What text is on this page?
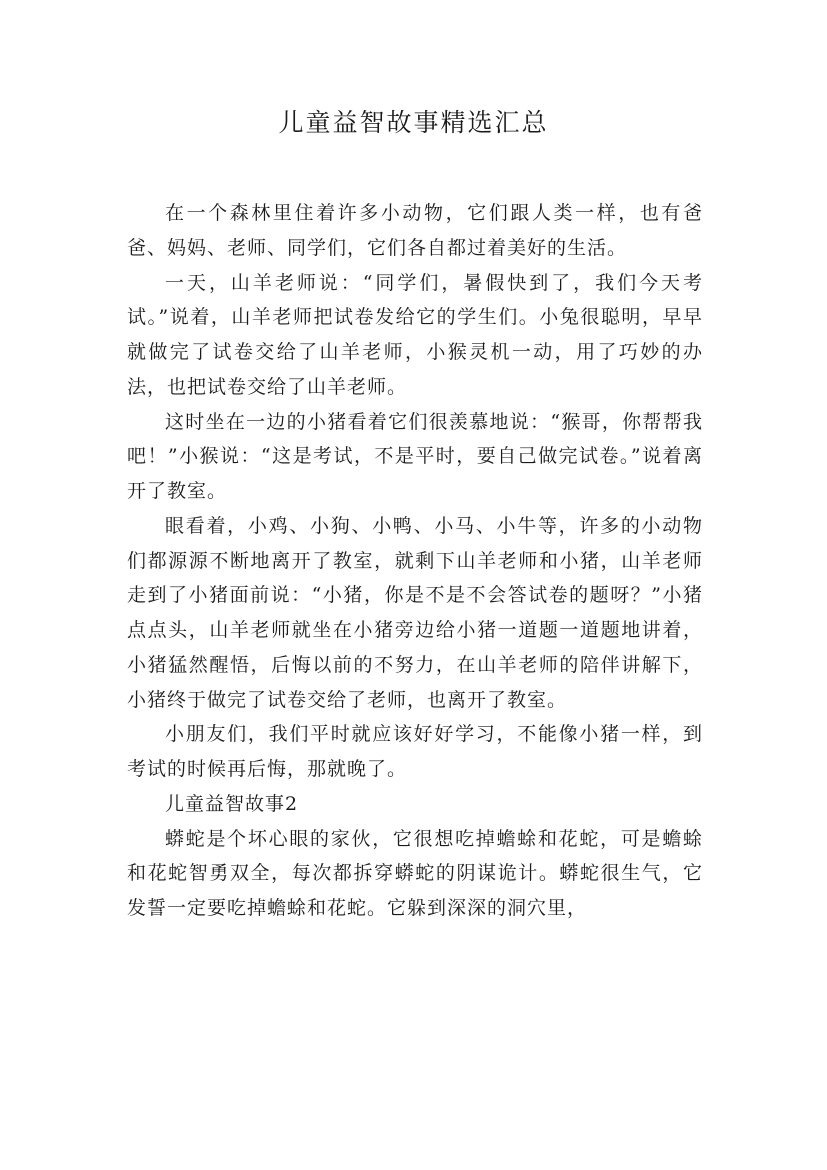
儿童益智故事精选汇总

在一个森林里住着许多小动物，它们跟人类一样，也有爸爸、妈妈、老师、同学们，它们各自都过着美好的生活。

一天，山羊老师说：“同学们，暑假快到了，我们今天考试。”说着，山羊老师把试卷发给它的学生们。小兔很聪明，早早就做完了试卷交给了山羊老师，小猴灵机一动，用了巧妙的办法，也把试卷交给了山羊老师。

这时坐在一边的小猪看着它们很羡慕地说：“猴哥，你帮帮我吧！”小猴说：“这是考试，不是平时，要自己做完试卷。”说着离开了教室。

眼看着，小鸡、小狗、小鸭、小马、小牛等，许多的小动物们都源源不断地离开了教室，就剩下山羊老师和小猪，山羊老师走到了小猪面前说：“小猪，你是不是不会答试卷的题呀？”小猪点点头，山羊老师就坐在小猪旁边给小猪一道题一道题地讲着，小猪猛然醒悟，后悔以前的不努力，在山羊老师的陪伴讲解下，小猪终于做完了试卷交给了老师，也离开了教室。

小朋友们，我们平时就应该好好学习，不能像小猪一样，到考试的时候再后悔，那就晚了。

儿童益智故事2

蟒蛇是个坏心眼的家伙，它很想吃掉蟾蜍和花蛇，可是蟾蜍和花蛇智勇双全，每次都拆穿蟒蛇的阴谋诡计。蟒蛇很生气，它发誓一定要吃掉蟾蜍和花蛇。它躲到深深的洞穴里，
